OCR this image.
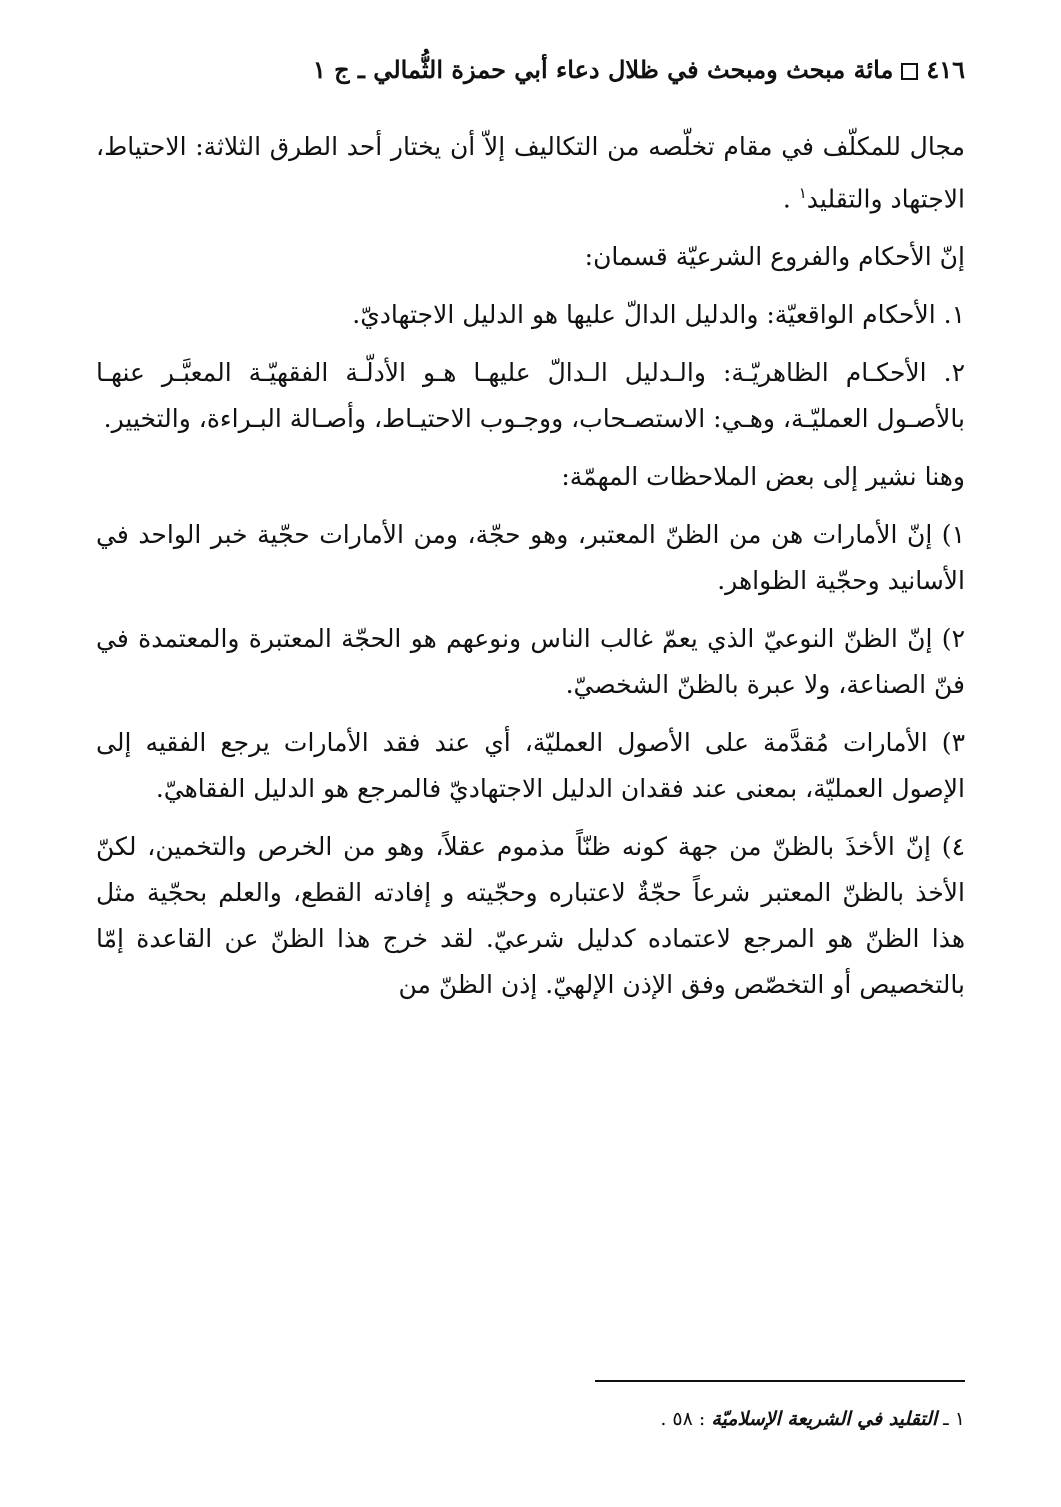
٤١٦مائة مبحث ومبحث في ظلال دعاء أبي حمزة الثُّمالي ـ ج ١

مجال للمكلّف في مقام تخلّصه من التكاليف إلاّ أن يختار أحد الطرق الثلاثة: الاحتياط، الاجتهاد والتقليد$^١$ .

إنّ الأحكام والفروع الشرعيّة قسمان:

١. الأحكام الواقعيّة: والدليل الدالّ عليها هو الدليل الاجتهاديّ.

٢. الأحكـام الظاهريّـة: والـدليل الـدالّ عليهـا هـو الأدلّـة الفقهيّـة المعبَّـر عنهـا بالأصـول العمليّـة، وهـي: الاستصـحاب، ووجـوب الاحتيـاط، وأصـالة البـراءة، والتخيير.

وهنا نشير إلى بعض الملاحظات المهمّة:

١) إنّ الأمارات هن من الظنّ المعتبر، وهو حجّة، ومن الأمارات حجّية خبر الواحد في الأسانيد وحجّية الظواهر.

٢) إنّ الظنّ النوعيّ الذي يعمّ غالب الناس ونوعهم هو الحجّة المعتبرة والمعتمدة في فنّ الصناعة، ولا عبرة بالظنّ الشخصيّ.

٣) الأمارات مُقدَّمة على الأصول العمليّة، أي عند فقد الأمارات يرجع الفقيه إلى الإصول العمليّة، بمعنى عند فقدان الدليل الاجتهاديّ فالمرجع هو الدليل الفقاهيّ.

٤) إنّ الأخذَ بالظنّ من جهة كونه ظنّاً مذموم عقلاً، وهو من الخرص والتخمين، لكنّ الأخذ بالظنّ المعتبر شرعاً حجّةٌ لاعتباره وحجّيته و إفادته القطع، والعلم بحجّية مثل هذا الظنّ هو المرجع لاعتماده كدليل شرعيّ. لقد خرج هذا الظنّ عن القاعدة إمّا بالتخصيص أو التخصّص وفق الإذن الإلهيّ. إذن الظنّ من

١ ـ التقليد في الشريعة الإسلاميّة : ٥٨ .
